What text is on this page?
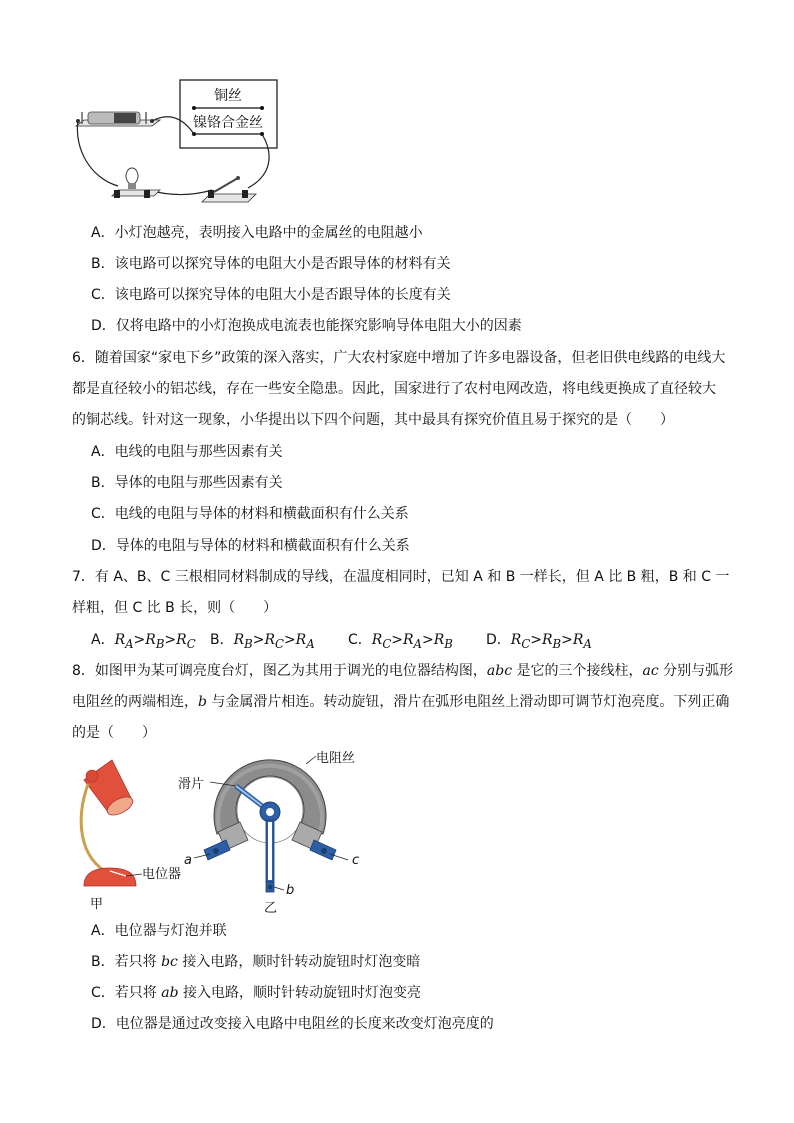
铜丝
镍铬合金丝
A．小灯泡越亮，表明接入电路中的金属丝的电阻越小
B．该电路可以探究导体的电阻大小是否跟导体的材料有关
C．该电路可以探究导体的电阻大小是否跟导体的长度有关
D．仅将电路中的小灯泡换成电流表也能探究影响导体电阻大小的因素
6．随着国家“家电下乡”政策的深入落实，广大农村家庭中增加了许多电器设备，但老旧供电线路的电线大
都是直径较小的铝芯线，存在一些安全隐患。因此，国家进行了农村电网改造，将电线更换成了直径较大
的铜芯线。针对这一现象，小华提出以下四个问题，其中最具有探究价值且易于探究的是（　　）
A．电线的电阻与那些因素有关
B．导体的电阻与那些因素有关
C．电线的电阻与导体的材料和横截面积有什么关系
D．导体的电阻与导体的材料和横截面积有什么关系
7．有 A、B、C 三根相同材料制成的导线，在温度相同时，已知 A 和 B 一样长，但 A 比 B 粗，B 和 C 一
样粗，但 C 比 B 长，则（　　）
A．$R_A>R_B>R_C$ B．$R_B>R_C>R_A$ C．$R_C>R_A>R_B$ D．$R_C>R_B>R_A$
8．如图甲为某可调亮度台灯，图乙为其用于调光的电位器结构图，abc 是它的三个接线柱，ac 分别与弧形
电阻丝的两端相连，b 与金属滑片相连。转动旋钮，滑片在弧形电阻丝上滑动即可调节灯泡亮度。下列正确
的是（　　）
电位器
甲
滑片
电阻丝
a	c
b
乙
A．电位器与灯泡并联
B．若只将 bc 接入电路，顺时针转动旋钮时灯泡变暗
C．若只将 ab 接入电路，顺时针转动旋钮时灯泡变亮
D．电位器是通过改变接入电路中电阻丝的长度来改变灯泡亮度的
